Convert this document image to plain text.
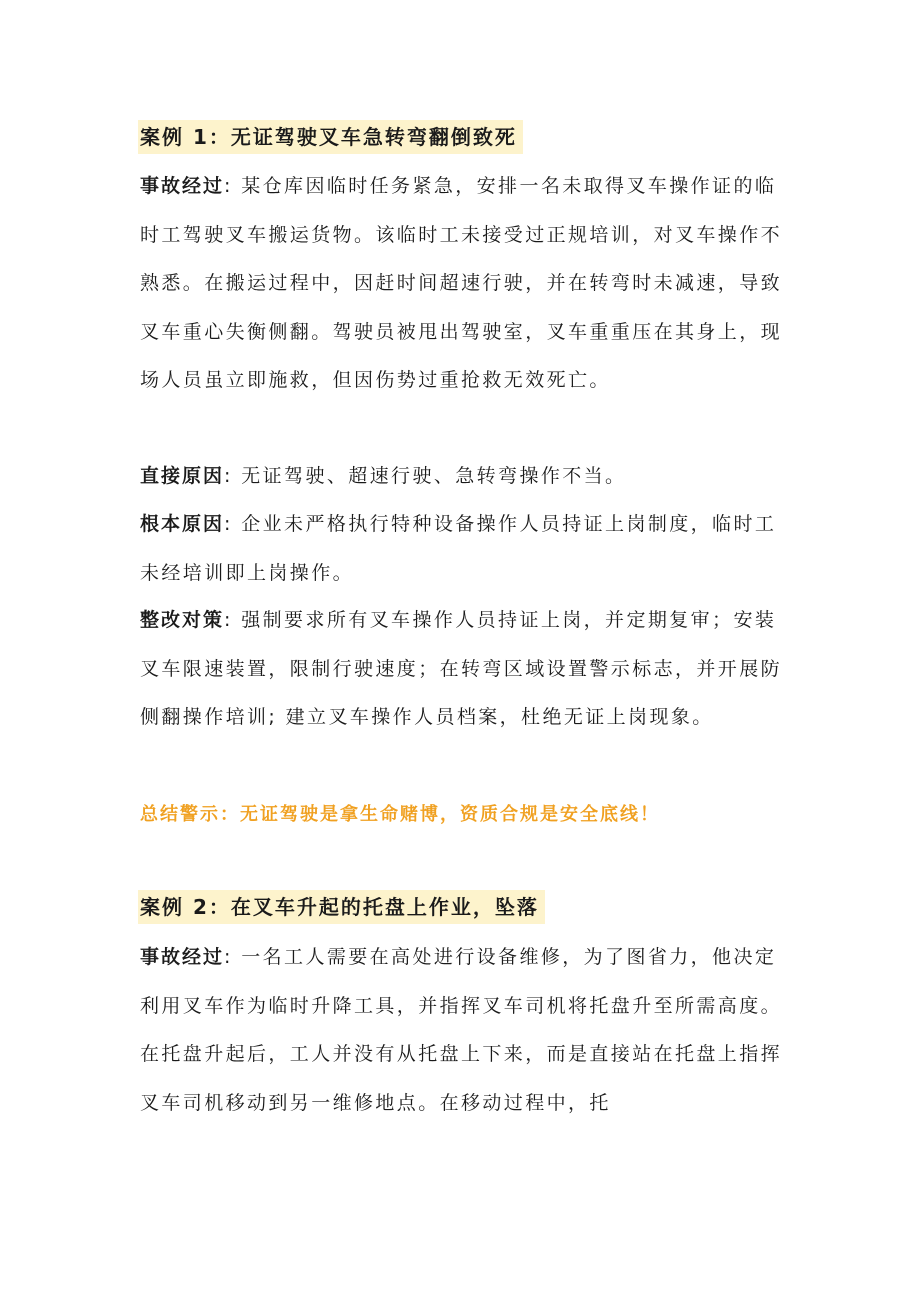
案例 1：无证驾驶叉车急转弯翻倒致死

事故经过: 某仓库因临时任务紧急，安排一名未取得叉车操作证的临时工驾驶叉车搬运货物。该临时工未接受过正规培训，对叉车操作不熟悉。在搬运过程中，因赶时间超速行驶，并在转弯时未减速，导致叉车重心失衡侧翻。驾驶员被甩出驾驶室，叉车重重压在其身上，现场人员虽立即施救，但因伤势过重抢救无效死亡。

直接原因: 无证驾驶、超速行驶、急转弯操作不当。

根本原因: 企业未严格执行特种设备操作人员持证上岗制度，临时工未经培训即上岗操作。

整改对策: 强制要求所有叉车操作人员持证上岗，并定期复审；安装叉车限速装置，限制行驶速度；在转弯区域设置警示标志，并开展防侧翻操作培训; 建立叉车操作人员档案，杜绝无证上岗现象。

总结警示：无证驾驶是拿生命赌博，资质合规是安全底线！

案例 2：在叉车升起的托盘上作业，坠落

事故经过: 一名工人需要在高处进行设备维修，为了图省力，他决定利用叉车作为临时升降工具，并指挥叉车司机将托盘升至所需高度。在托盘升起后，工人并没有从托盘上下来，而是直接站在托盘上指挥叉车司机移动到另一维修地点。在移动过程中，托
